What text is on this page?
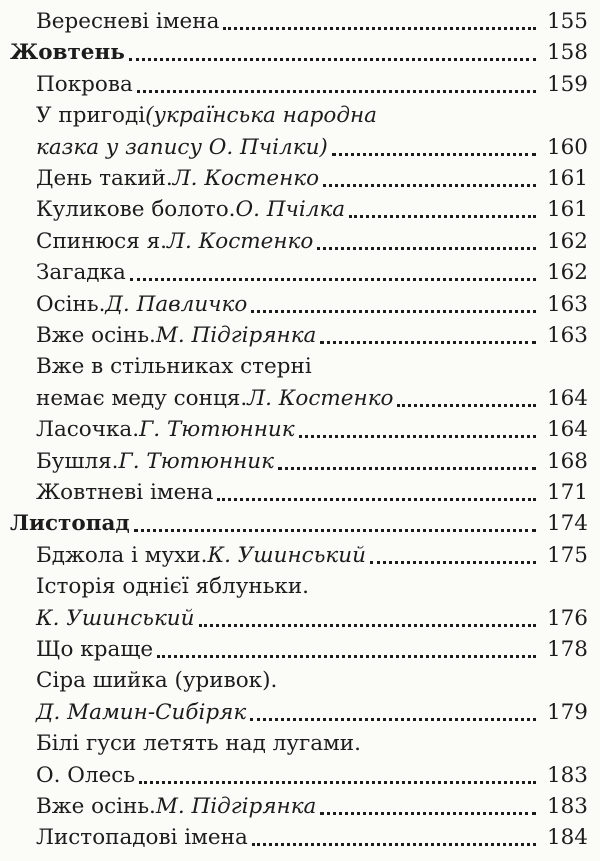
Вересневі імена	155
Жовтень	158
Покрова	159
У пригоді (українська народна
казка у запису О. Пчілки)	160
День такий. Л. Костенко	161
Куликове болото. О. Пчілка	161
Спинюся я. Л. Костенко	162
Загадка	162
Осінь. Д. Павличко	163
Вже осінь. М. Підгірянка	163
Вже в стільниках стерні
немає меду сонця. Л. Костенко	164
Ласочка. Г. Тютюнник	164
Бушля. Г. Тютюнник	168
Жовтневі імена	171
Листопад	174
Бджола і мухи. К. Ушинський	175
Історія однієї яблуньки.
К. Ушинський	176
Що краще	178
Сіра шийка (уривок).
Д. Мамин-Сибіряк	179
Білі гуси летять над лугами.
О. Олесь	183
Вже осінь. М. Підгірянка	183
Листопадові імена	184
